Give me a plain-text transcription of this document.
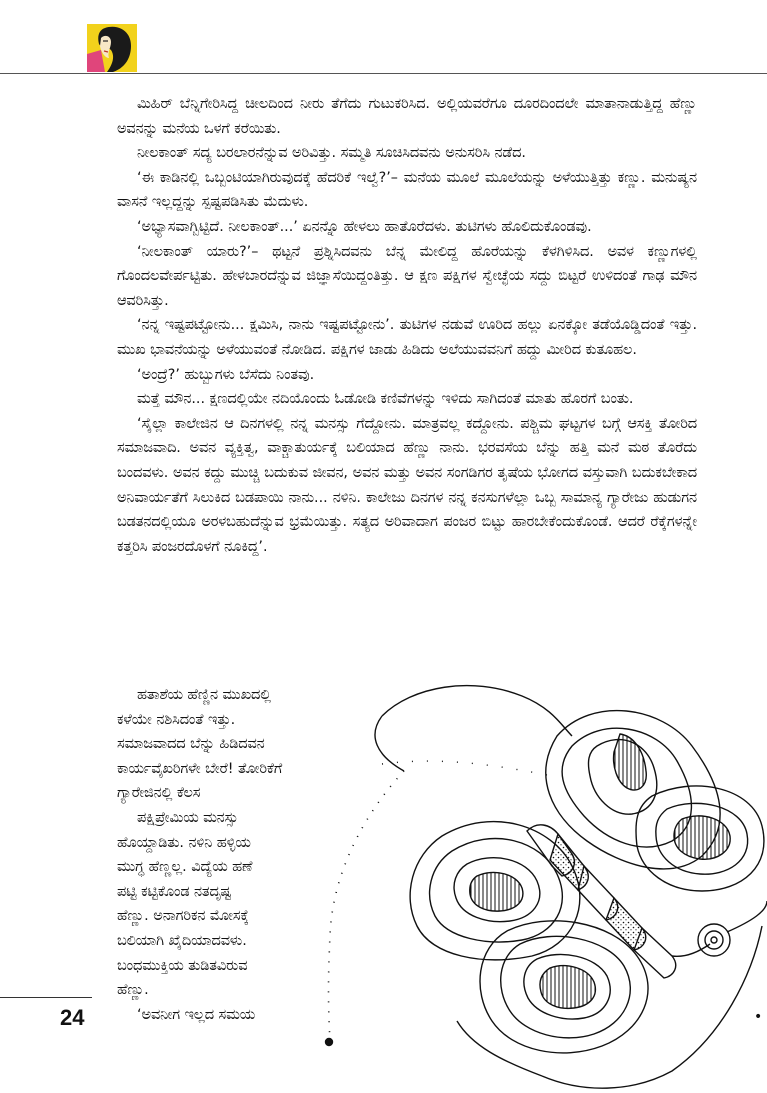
ಮಿಹಿರ್ ಬೆನ್ನಿಗೇರಿಸಿದ್ದ ಚೀಲದಿಂದ ನೀರು ತೆಗೆದು ಗುಟುಕರಿಸಿದ. ಅಲ್ಲಿಯವರೆಗೂ ದೂರದಿಂದಲೇ ಮಾತಾನಾಡುತ್ತಿದ್ದ ಹೆಣ್ಣು ಅವನನ್ನು ಮನೆಯ ಒಳಗೆ ಕರೆಯಿತು.

ನೀಲಕಾಂತ್ ಸದ್ಯ ಬರಲಾರನೆನ್ನುವ ಅರಿವಿತ್ತು. ಸಮ್ಮತಿ ಸೂಚಿಸಿದವನು ಅನುಸರಿಸಿ ನಡೆದ.

‘ಈ ಕಾಡಿನಲ್ಲಿ ಒಬ್ಬಂಟಿಯಾಗಿರುವುದಕ್ಕೆ ಹೆದರಿಕೆ ಇಲ್ವೆ?’– ಮನೆಯ ಮೂಲೆ ಮೂಲೆಯನ್ನು ಅಳೆಯುತ್ತಿತ್ತು ಕಣ್ಣು. ಮನುಷ್ಯನ ವಾಸನೆ ಇಲ್ಲದ್ದನ್ನು ಸ್ಪಷ್ಟಪಡಿಸಿತು ಮೆದುಳು.

‘ಅಭ್ಯಾಸವಾಗ್ಬಿಟ್ಟಿದೆ. ನೀಲಕಾಂತ್...’ ಏನನ್ನೊ ಹೇಳಲು ಹಾತೊರೆದಳು. ತುಟಿಗಳು ಹೊಲಿದುಕೊಂಡವು.

‘ನೀಲಕಾಂತ್ ಯಾರು?’– ಥಟ್ಟನೆ ಪ್ರಶ್ನಿಸಿದವನು ಬೆನ್ನ ಮೇಲಿದ್ದ ಹೊರೆಯನ್ನು ಕೆಳಗಿಳಿಸಿದ. ಅವಳ ಕಣ್ಣುಗಳಲ್ಲಿ ಗೊಂದಲವೇರ್ಪಟ್ಟಿತು. ಹೇಳಬಾರದೆನ್ನುವ ಜಿಜ್ಞಾಸೆಯಿದ್ದಂತಿತ್ತು. ಆ ಕ್ಷಣ ಪಕ್ಷಿಗಳ ಸ್ವೇಚ್ಛೆಯ ಸದ್ದು ಬಿಟ್ಟರೆ ಉಳಿದಂತೆ ಗಾಢ ಮೌನ ಆವರಿಸಿತ್ತು.

‘ನನ್ನ ಇಷ್ಟಪಟ್ಟೋನು... ಕ್ಷಮಿಸಿ, ನಾನು ಇಷ್ಟಪಟ್ಟೋನು’. ತುಟಿಗಳ ನಡುವೆ ಊರಿದ ಹಲ್ಲು ಏನಕ್ಕೋ ತಡೆಯೊಡ್ಡಿದಂತೆ ಇತ್ತು. ಮುಖ ಭಾವನೆಯನ್ನು ಅಳೆಯುವಂತೆ ನೋಡಿದ. ಪಕ್ಷಿಗಳ ಜಾಡು ಹಿಡಿದು ಅಲೆಯುವವನಿಗೆ ಹದ್ದು ಮೀರಿದ ಕುತೂಹಲ.

‘ಅಂದ್ರೆ?’ ಹುಬ್ಬುಗಳು ಬೆಸೆದು ನಿಂತವು.

ಮತ್ತೆ ಮೌನ... ಕ್ಷಣದಲ್ಲಿಯೇ ನದಿಯೊಂದು ಓಡೋಡಿ ಕಣಿವೆಗಳನ್ನು ಇಳಿದು ಸಾಗಿದಂತೆ ಮಾತು ಹೊರಗೆ ಬಂತು.

‘ಸೈಲ್ಲಾ ಕಾಲೇಜಿನ ಆ ದಿನಗಳಲ್ಲಿ ನನ್ನ ಮನಸ್ಸು ಗೆದ್ದೋನು. ಮಾತ್ರವಲ್ಲ ಕದ್ದೋನು. ಪಶ್ಚಿಮ ಘಟ್ಟಗಳ ಬಗ್ಗೆ ಆಸಕ್ತಿ ತೋರಿದ ಸಮಾಜವಾದಿ. ಅವನ ವ್ಯಕ್ತಿತ್ವ, ವಾಕ್ಚಾತುರ್ಯಕ್ಕೆ ಬಲಿಯಾದ ಹೆಣ್ಣು ನಾನು. ಭರವಸೆಯ ಬೆನ್ನು ಹತ್ತಿ ಮನೆ ಮಠ ತೊರೆದು ಬಂದವಳು. ಅವನ ಕದ್ದು ಮುಚ್ಚಿ ಬದುಕುವ ಜೀವನ, ಅವನ ಮತ್ತು ಅವನ ಸಂಗಡಿಗರ ತೃಷೆಯ ಭೋಗದ ವಸ್ತುವಾಗಿ ಬದುಕಬೇಕಾದ ಅನಿವಾರ್ಯತೆಗೆ ಸಿಲುಕಿದ ಬಡಪಾಯಿ ನಾನು... ನಳಿನಿ. ಕಾಲೇಜು ದಿನಗಳ ನನ್ನ ಕನಸುಗಳೆಲ್ಲಾ ಒಬ್ಬ ಸಾಮಾನ್ಯ ಗ್ಯಾರೇಜು ಹುಡುಗನ ಬಡತನದಲ್ಲಿಯೂ ಅರಳಬಹುದೆನ್ನುವ ಭ್ರಮೆಯಿತ್ತು. ಸತ್ಯದ ಅರಿವಾದಾಗ ಪಂಜರ ಬಿಟ್ಟು ಹಾರಬೇಕೆಂದುಕೊಂಡೆ. ಆದರೆ ರೆಕ್ಕೆಗಳನ್ನೇ ಕತ್ತರಿಸಿ ಪಂಜರದೊಳಗೆ ನೂಕಿದ್ದ’.

ಹತಾಶೆಯ ಹೆಣ್ಣಿನ ಮುಖದಲ್ಲಿ
ಕಳೆಯೇ ನಶಿಸಿದಂತೆ ಇತ್ತು.
ಸಮಾಜವಾದದ ಬೆನ್ನು ಹಿಡಿದವನ
ಕಾರ್ಯವೈಖರಿಗಳೇ ಬೇರೆ! ತೋರಿಕೆಗೆ
ಗ್ಯಾರೇಜಿನಲ್ಲಿ ಕೆಲಸ
ಪಕ್ಷಿಪ್ರೇಮಿಯ ಮನಸ್ಸು
ಹೊಯ್ದಾಡಿತು. ನಳಿನಿ ಹಳ್ಳಿಯ
ಮುಗ್ಧ ಹೆಣ್ಣಲ್ಲ. ವಿದ್ಯೆಯ ಹಣೆ
ಪಟ್ಟಿ ಕಟ್ಟಿಕೊಂಡ ನತದೃಷ್ಟ
ಹೆಣ್ಣು. ಅನಾಗರಿಕನ ಮೋಸಕ್ಕೆ
ಬಲಿಯಾಗಿ ಖೈದಿಯಾದವಳು.
ಬಂಧಮುಕ್ತಿಯ ತುಡಿತವಿರುವ
ಹೆಣ್ಣು.
‘ಅವನೀಗ ಇಲ್ಲದ ಸಮಯ	•
24
